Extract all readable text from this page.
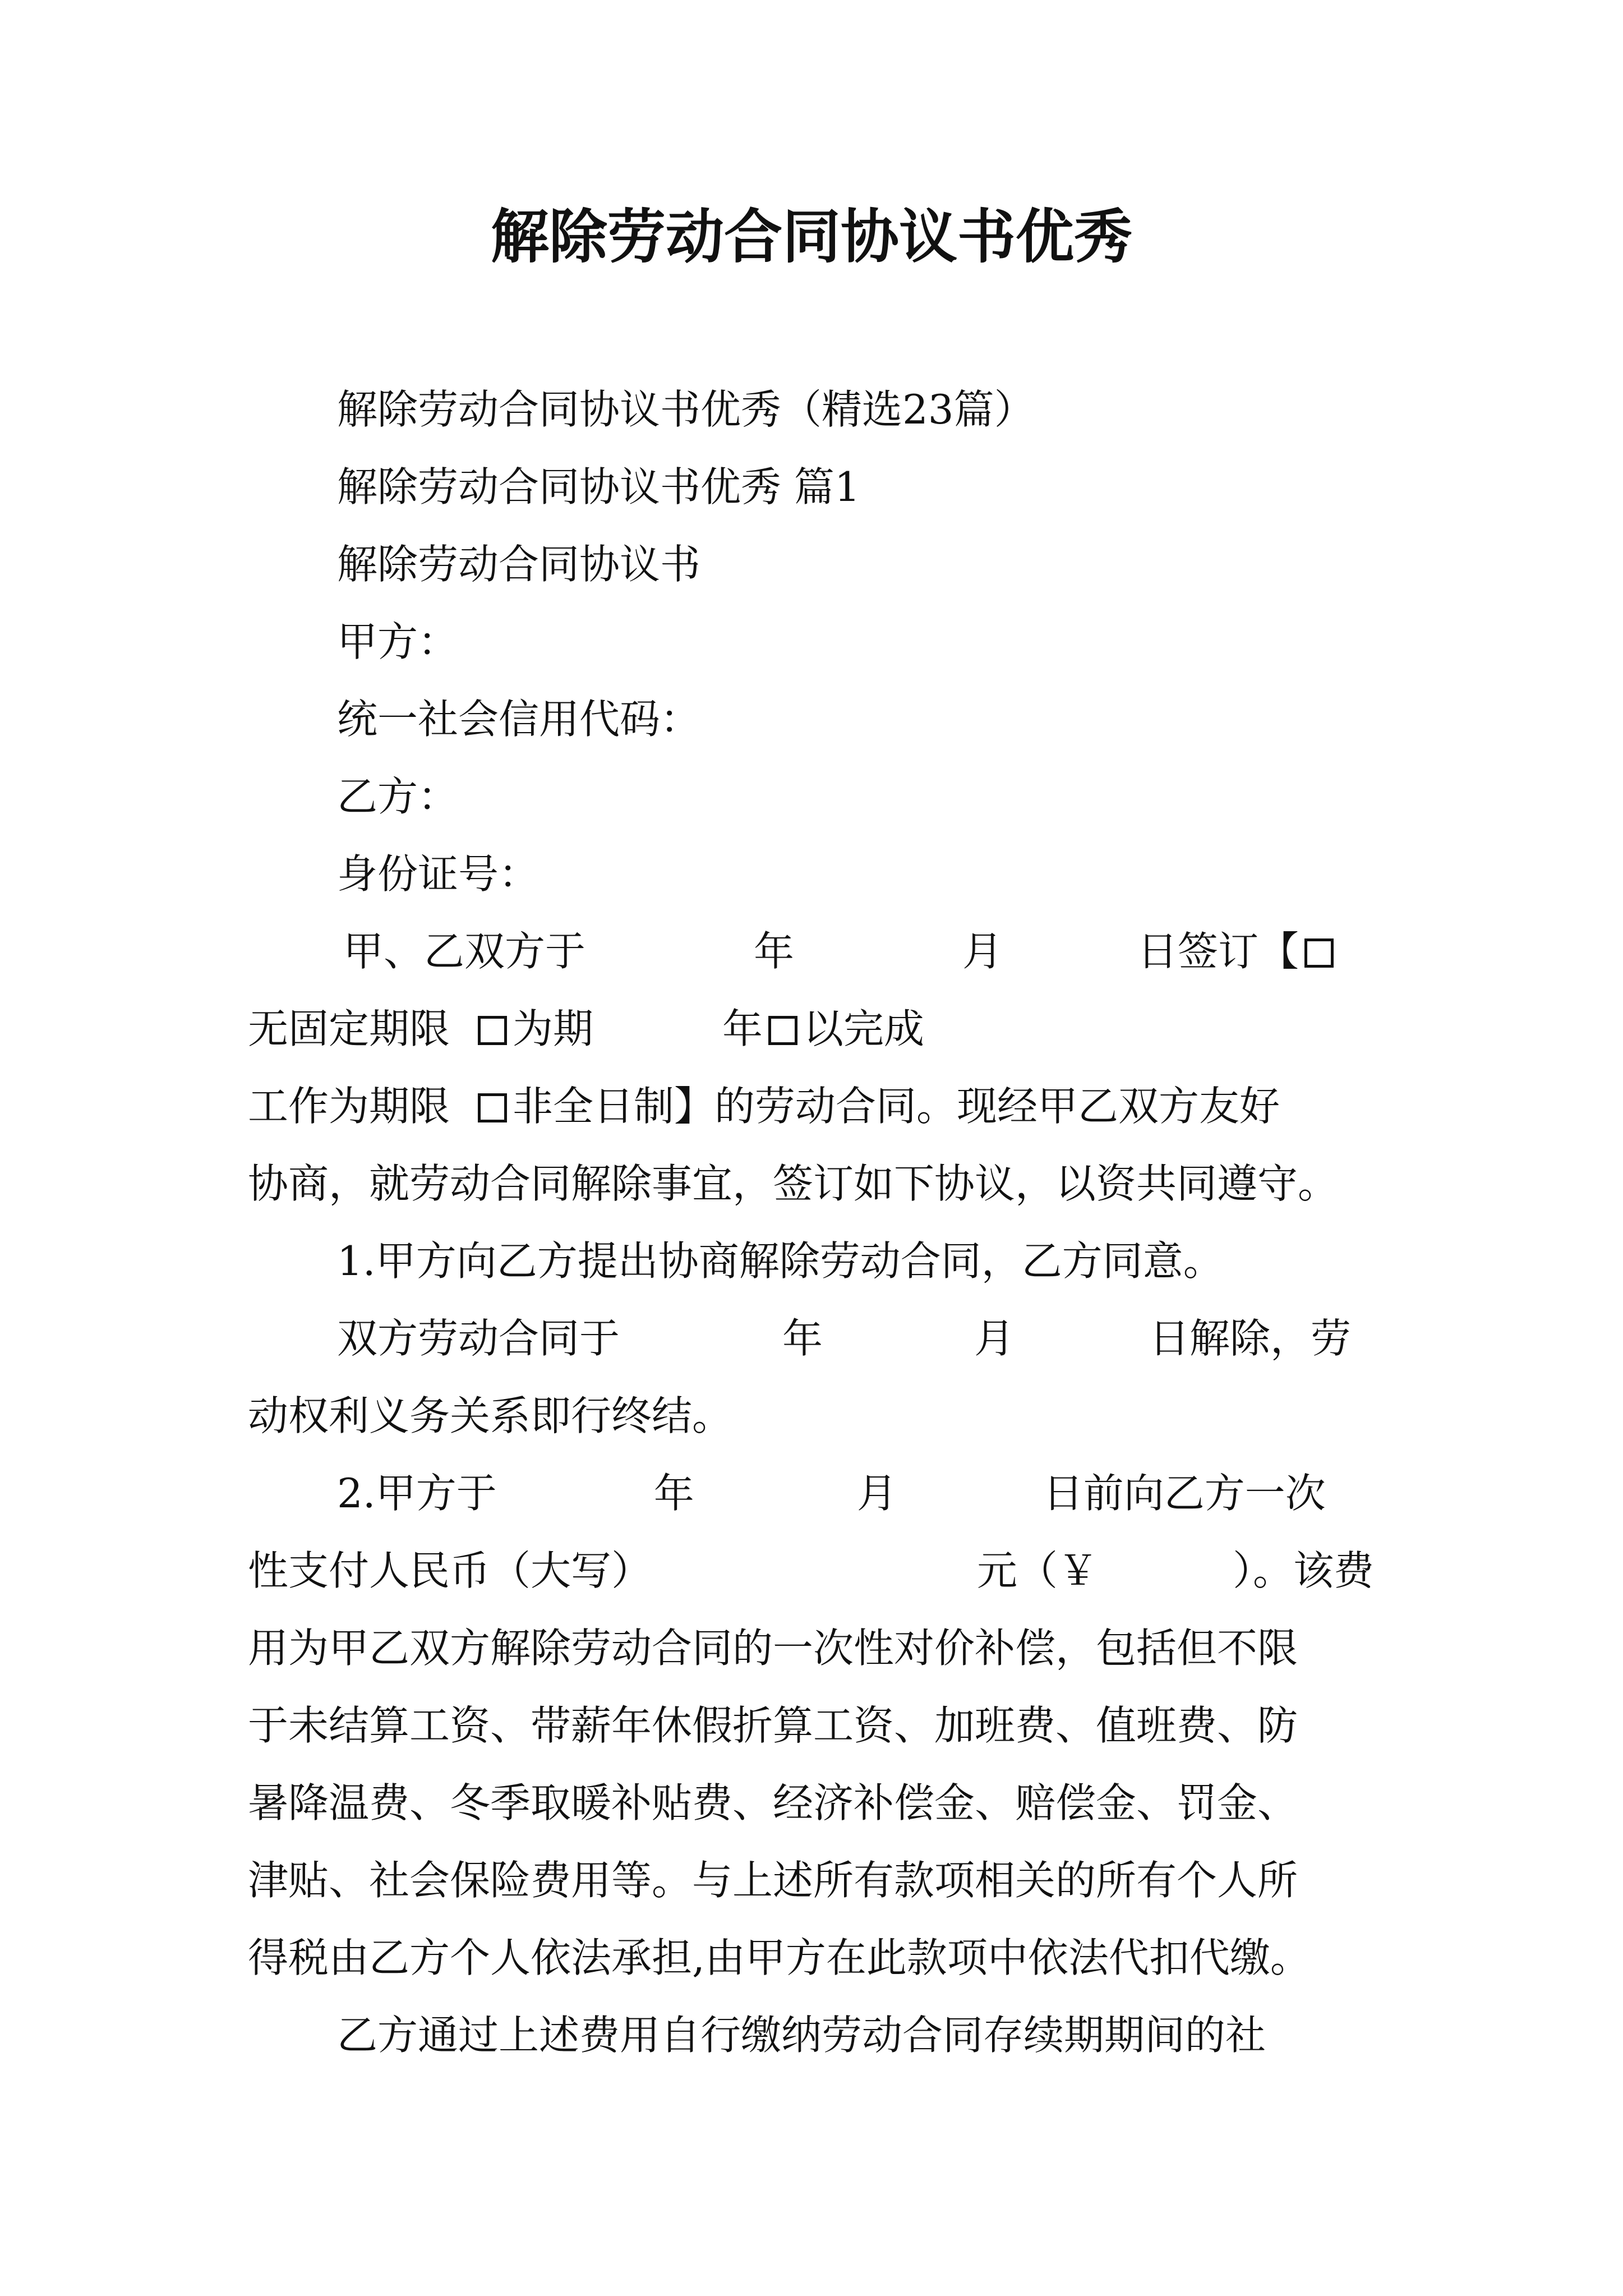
解除劳动合同协议书优秀
解除劳动合同协议书优秀（精选23篇）
解除劳动合同协议书优秀 篇1
解除劳动合同协议书
甲方：
统一社会信用代码：
乙方：
身份证号：
甲、乙双方于	年	月	日签订【
无固定期限 为期	年 以完成
工作为期限 非全日制】的劳动合同。现经甲乙双方友好
协商，就劳动合同解除事宜，签订如下协议，以资共同遵守。
1.甲方向乙方提出协商解除劳动合同，乙方同意。
双方劳动合同于	年	月	日解除，劳
动权利义务关系即行终结。
2.甲方于	年	月	日前向乙方一次
性支付人民币（大写）	元（￥	）。该费
用为甲乙双方解除劳动合同的一次性对价补偿，包括但不限
于未结算工资、带薪年休假折算工资、加班费、值班费、防
暑降温费、冬季取暖补贴费、经济补偿金、赔偿金、罚金、
津贴、社会保险费用等。与上述所有款项相关的所有个人所
得税由乙方个人依法承担,由甲方在此款项中依法代扣代缴。
乙方通过上述费用自行缴纳劳动合同存续期期间的社
